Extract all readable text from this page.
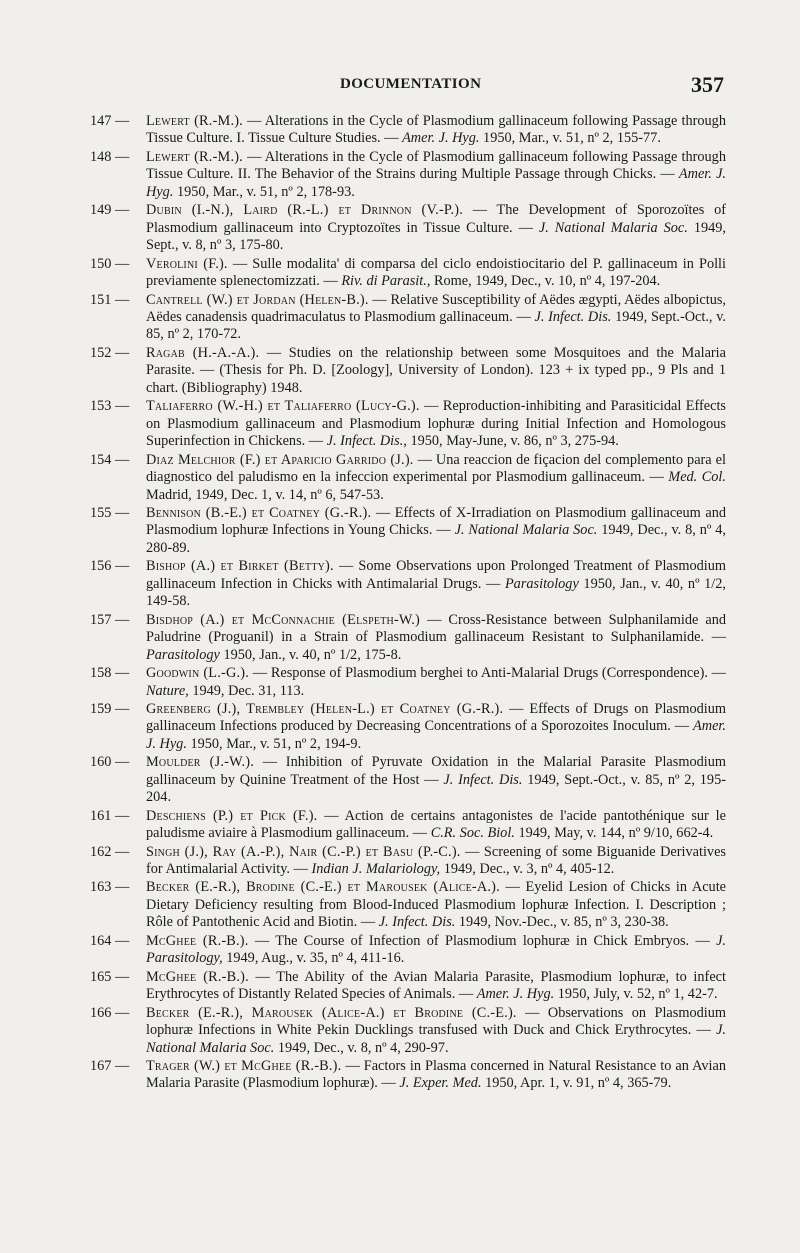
DOCUMENTATION	357
147 — Lewert (R.-M.). — Alterations in the Cycle of Plasmodium gallinaceum following Passage through Tissue Culture. I. Tissue Culture Studies. — Amer. J. Hyg. 1950, Mar., v. 51, nº 2, 155-77.
148 — Lewert (R.-M.). — Alterations in the Cycle of Plasmodium gallinaceum following Passage through Tissue Culture. II. The Behavior of the Strains during Multiple Passage through Chicks. — Amer. J. Hyg. 1950, Mar., v. 51, nº 2, 178-93.
149 — Dubin (I.-N.), Laird (R.-L.) et Drinnon (V.-P.). — The Development of Sporozoïtes of Plasmodium gallinaceum into Cryptozoïtes in Tissue Culture. — J. National Malaria Soc. 1949, Sept., v. 8, nº 3, 175-80.
150 — Verolini (F.). — Sulle modalita' di comparsa del ciclo endoistiocitario del P. gallinaceum in Polli previamente splenectomizzati. — Riv. di Parasit., Rome, 1949, Dec., v. 10, nº 4, 197-204.
151 — Cantrell (W.) et Jordan (Helen-B.). — Relative Susceptibility of Aëdes ægypti, Aëdes albopictus, Aëdes canadensis quadrimaculatus to Plasmodium gallinaceum. — J. Infect. Dis. 1949, Sept.-Oct., v. 85, nº 2, 170-72.
152 — Ragab (H.-A.-A.). — Studies on the relationship between some Mosquitoes and the Malaria Parasite. — (Thesis for Ph. D. [Zoology], University of London). 123 + ix typed pp., 9 Pls and 1 chart. (Bibliography) 1948.
153 — Taliaferro (W.-H.) et Taliaferro (Lucy-G.). — Reproduction-inhibiting and Parasiticidal Effects on Plasmodium gallinaceum and Plasmodium lophuræ during Initial Infection and Homologous Superinfection in Chickens. — J. Infect. Dis., 1950, May-June, v. 86, nº 3, 275-94.
154 — Diaz Melchior (F.) et Aparicio Garrido (J.). — Una reaccion de fiçacion del complemento para el diagnostico del paludismo en la infeccion experimental por Plasmodium gallinaceum. — Med. Col. Madrid, 1949, Dec. 1, v. 14, nº 6, 547-53.
155 — Bennison (B.-E.) et Coatney (G.-R.). — Effects of X-Irradiation on Plasmodium gallinaceum and Plasmodium lophuræ Infections in Young Chicks. — J. National Malaria Soc. 1949, Dec., v. 8, nº 4, 280-89.
156 — Bishop (A.) et Birket (Betty). — Some Observations upon Prolonged Treatment of Plasmodium gallinaceum Infection in Chicks with Antimalarial Drugs. — Parasitology 1950, Jan., v. 40, nº 1/2, 149-58.
157 — Bisdhop (A.) et McConnachie (Elspeth-W.) — Cross-Resistance between Sulphanilamide and Paludrine (Proguanil) in a Strain of Plasmodium gallinaceum Resistant to Sulphanilamide. — Parasitology 1950, Jan., v. 40, nº 1/2, 175-8.
158 — Goodwin (L.-G.). — Response of Plasmodium berghei to Anti-Malarial Drugs (Correspondence). — Nature, 1949, Dec. 31, 113.
159 — Greenberg (J.), Trembley (Helen-L.) et Coatney (G.-R.). — Effects of Drugs on Plasmodium gallinaceum Infections produced by Decreasing Concentrations of a Sporozoites Inoculum. — Amer. J. Hyg. 1950, Mar., v. 51, nº 2, 194-9.
160 — Moulder (J.-W.). — Inhibition of Pyruvate Oxidation in the Malarial Parasite Plasmodium gallinaceum by Quinine Treatment of the Host — J. Infect. Dis. 1949, Sept.-Oct., v. 85, nº 2, 195-204.
161 — Deschiens (P.) et Pick (F.). — Action de certains antagonistes de l'acide pantothénique sur le paludisme aviaire à Plasmodium gallinaceum. — C.R. Soc. Biol. 1949, May, v. 144, nº 9/10, 662-4.
162 — Singh (J.), Ray (A.-P.), Nair (C.-P.) et Basu (P.-C.). — Screening of some Biguanide Derivatives for Antimalarial Activity. — Indian J. Malariology, 1949, Dec., v. 3, nº 4, 405-12.
163 — Becker (E.-R.), Brodine (C.-E.) et Marousek (Alice-A.). — Eyelid Lesion of Chicks in Acute Dietary Deficiency resulting from Blood-Induced Plasmodium lophuræ Infection. I. Description ; Rôle of Pantothenic Acid and Biotin. — J. Infect. Dis. 1949, Nov.-Dec., v. 85, nº 3, 230-38.
164 — McGhee (R.-B.). — The Course of Infection of Plasmodium lophuræ in Chick Embryos. — J. Parasitology, 1949, Aug., v. 35, nº 4, 411-16.
165 — McGhee (R.-B.). — The Ability of the Avian Malaria Parasite, Plasmodium lophuræ, to infect Erythrocytes of Distantly Related Species of Animals. — Amer. J. Hyg. 1950, July, v. 52, nº 1, 42-7.
166 — Becker (E.-R.), Marousek (Alice-A.) et Brodine (C.-E.). — Observations on Plasmodium lophuræ Infections in White Pekin Ducklings transfused with Duck and Chick Erythrocytes. — J. National Malaria Soc. 1949, Dec., v. 8, nº 4, 290-97.
167 — Trager (W.) et McGhee (R.-B.). — Factors in Plasma concerned in Natural Resistance to an Avian Malaria Parasite (Plasmodium lophuræ). — J. Exper. Med. 1950, Apr. 1, v. 91, nº 4, 365-79.
